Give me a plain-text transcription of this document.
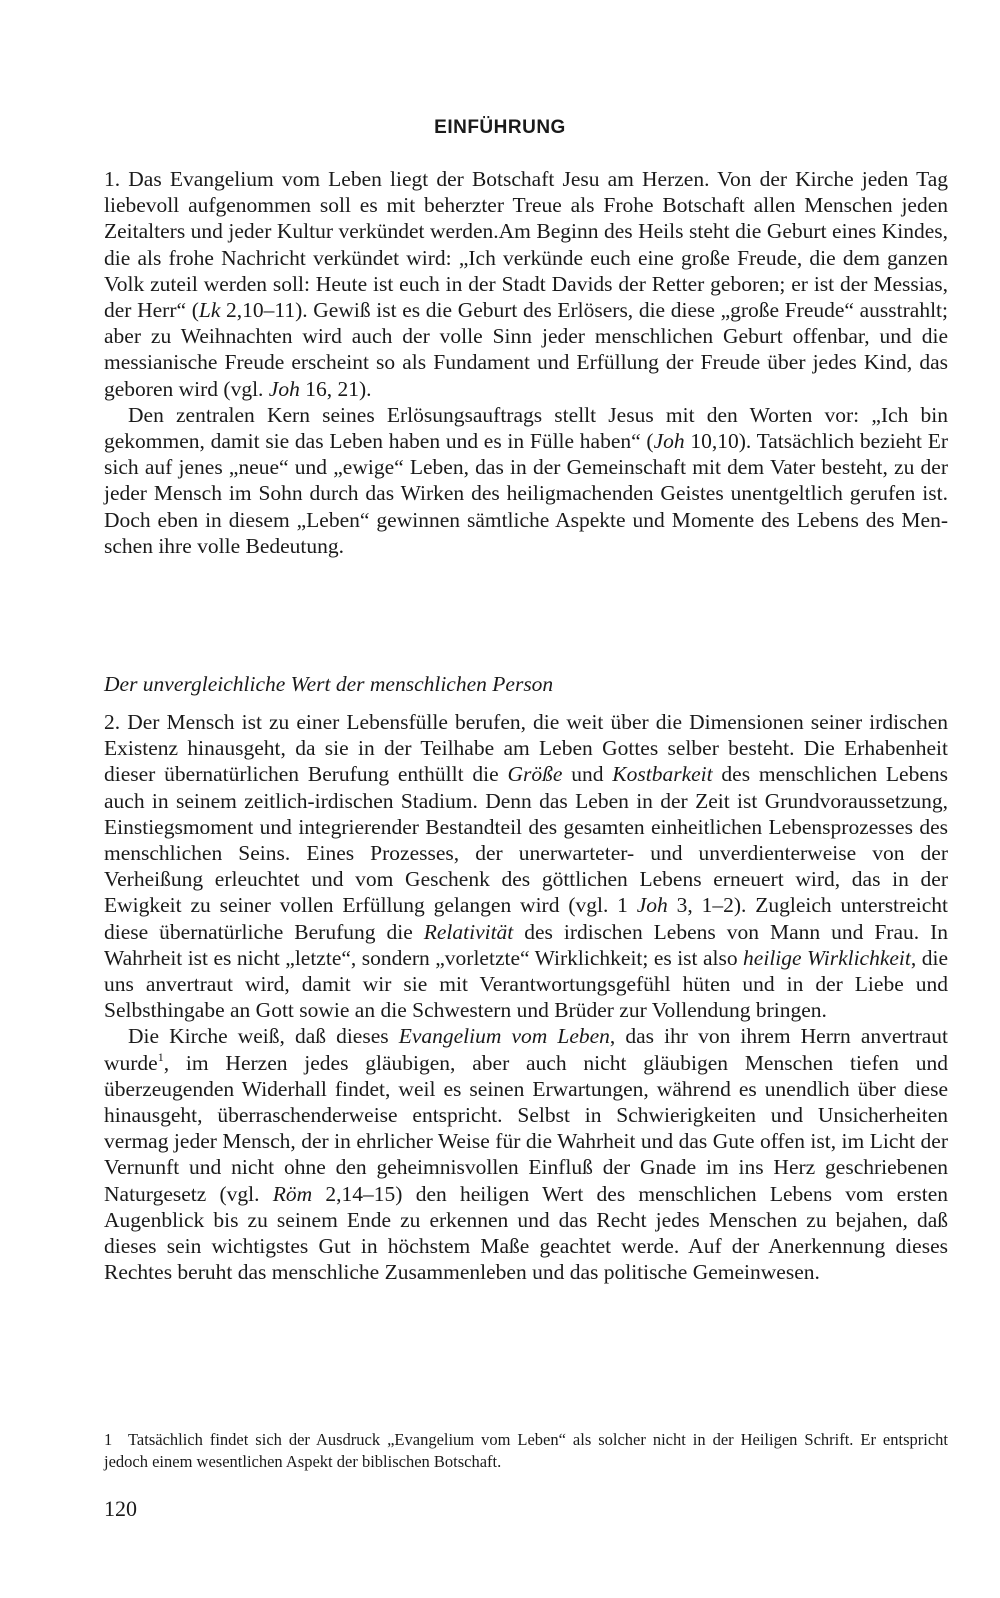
EINFÜHRUNG

1. Das Evangelium vom Leben liegt der Botschaft Jesu am Herzen. Von der Kirche jeden Tag liebevoll aufgenommen soll es mit beherzter Treue als Frohe Botschaft allen Menschen jeden Zeitalters und jeder Kultur verkündet werden.Am Beginn des Heils steht die Geburt eines Kindes, die als frohe Nachricht verkündet wird: „Ich verkünde euch eine große Freude, die dem ganzen Volk zuteil werden soll: Heute ist euch in der Stadt Davids der Retter geboren; er ist der Messias, der Herr“ (Lk 2,10–11). Gewiß ist es die Geburt des Erlösers, die diese „große Freude“ ausstrahlt; aber zu Weihnachten wird auch der volle Sinn jeder menschlichen Geburt offenbar, und die messianische Freude erscheint so als Fundament und Erfüllung der Freude über jedes Kind, das geboren wird (vgl. Joh 16, 21).

Den zentralen Kern seines Erlösungsauftrags stellt Jesus mit den Worten vor: „Ich bin gekommen, damit sie das Leben haben und es in Fülle haben“ (Joh 10,10). Tatsächlich bezieht Er sich auf jenes „neue“ und „ewige“ Leben, das in der Gemeinschaft mit dem Vater besteht, zu der jeder Mensch im Sohn durch das Wirken des heiligmachenden Geistes unentgeltlich gerufen ist. Doch eben in diesem „Leben“ gewinnen sämtliche Aspekte und Momente des Lebens des Menschen ihre volle Bedeutung.

Der unvergleichliche Wert der menschlichen Person

2. Der Mensch ist zu einer Lebensfülle berufen, die weit über die Dimensionen seiner irdischen Existenz hinausgeht, da sie in der Teilhabe am Leben Gottes selber besteht. Die Erhabenheit dieser übernatürlichen Berufung enthüllt die Größe und Kostbarkeit des menschlichen Lebens auch in seinem zeitlich-irdischen Stadium. Denn das Leben in der Zeit ist Grundvoraussetzung, Einstiegsmoment und integrierender Bestandteil des gesamten einheitlichen Lebensprozesses des menschlichen Seins. Eines Prozesses, der unerwarteter- und unverdienterweise von der Verheißung erleuchtet und vom Geschenk des göttlichen Lebens erneuert wird, das in der Ewigkeit zu seiner vollen Erfüllung gelangen wird (vgl. 1 Joh 3, 1–2). Zugleich unterstreicht diese übernatürliche Berufung die Relativität des irdischen Lebens von Mann und Frau. In Wahrheit ist es nicht „letzte“, sondern „vorletzte“ Wirklichkeit; es ist also heilige Wirklichkeit, die uns anvertraut wird, damit wir sie mit Verantwortungsgefühl hüten und in der Liebe und Selbsthingabe an Gott sowie an die Schwestern und Brüder zur Vollendung bringen.

Die Kirche weiß, daß dieses Evangelium vom Leben, das ihr von ihrem Herrn anvertraut wurde$^1$, im Herzen jedes gläubigen, aber auch nicht gläubigen Menschen tiefen und überzeugenden Widerhall findet, weil es seinen Erwartungen, während es unendlich über diese hinausgeht, überraschenderweise entspricht. Selbst in Schwierigkeiten und Unsicherheiten vermag jeder Mensch, der in ehrlicher Weise für die Wahrheit und das Gute offen ist, im Licht der Vernunft und nicht ohne den geheimnisvollen Einfluß der Gnade im ins Herz geschriebenen Naturgesetz (vgl. Röm 2,14–15) den heiligen Wert des menschlichen Lebens vom ersten Augenblick bis zu seinem Ende zu erkennen und das Recht jedes Menschen zu bejahen, daß dieses sein wichtigstes Gut in höchstem Maße geachtet werde. Auf der Anerkennung dieses Rechtes beruht das menschliche Zusammenleben und das politische Gemeinwesen.

1 Tatsächlich findet sich der Ausdruck „Evangelium vom Leben“ als solcher nicht in der Heiligen Schrift. Er entspricht jedoch einem wesentlichen Aspekt der biblischen Botschaft.
120
